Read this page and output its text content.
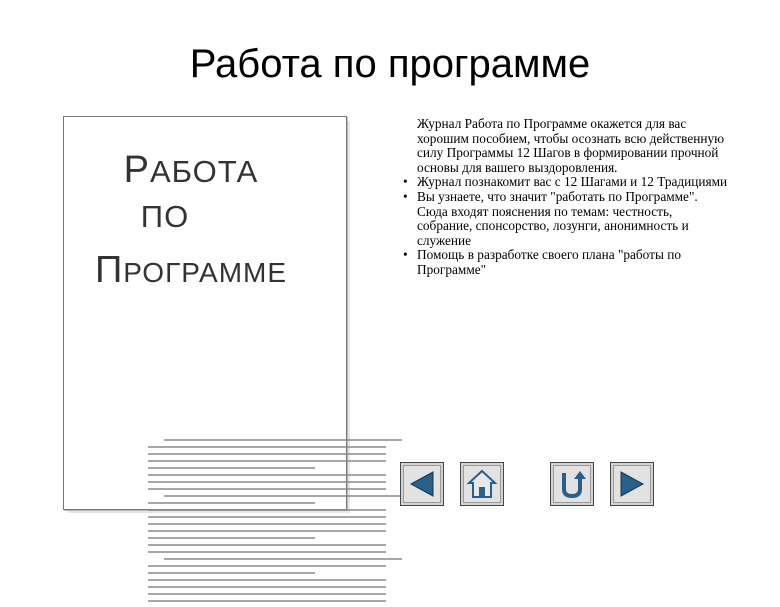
Работа по программе
РАБОТА
ПО
ПРОГРАММЕ

Журнал Работа по Программе окажется для вас хорошим пособием, чтобы осознать всю действенную силу Программы 12 Шагов в формировании прочной основы для вашего выздоровления.

• Журнал познакомит вас с 12 Шагами и 12 Традициями

• Вы узнаете, что значит "работать по Программе". Сюда входят пояснения по темам: честность, собрание, спонсорство, лозунги, анонимность и служение

• Помощь в разработке своего плана "работы по Программе"
